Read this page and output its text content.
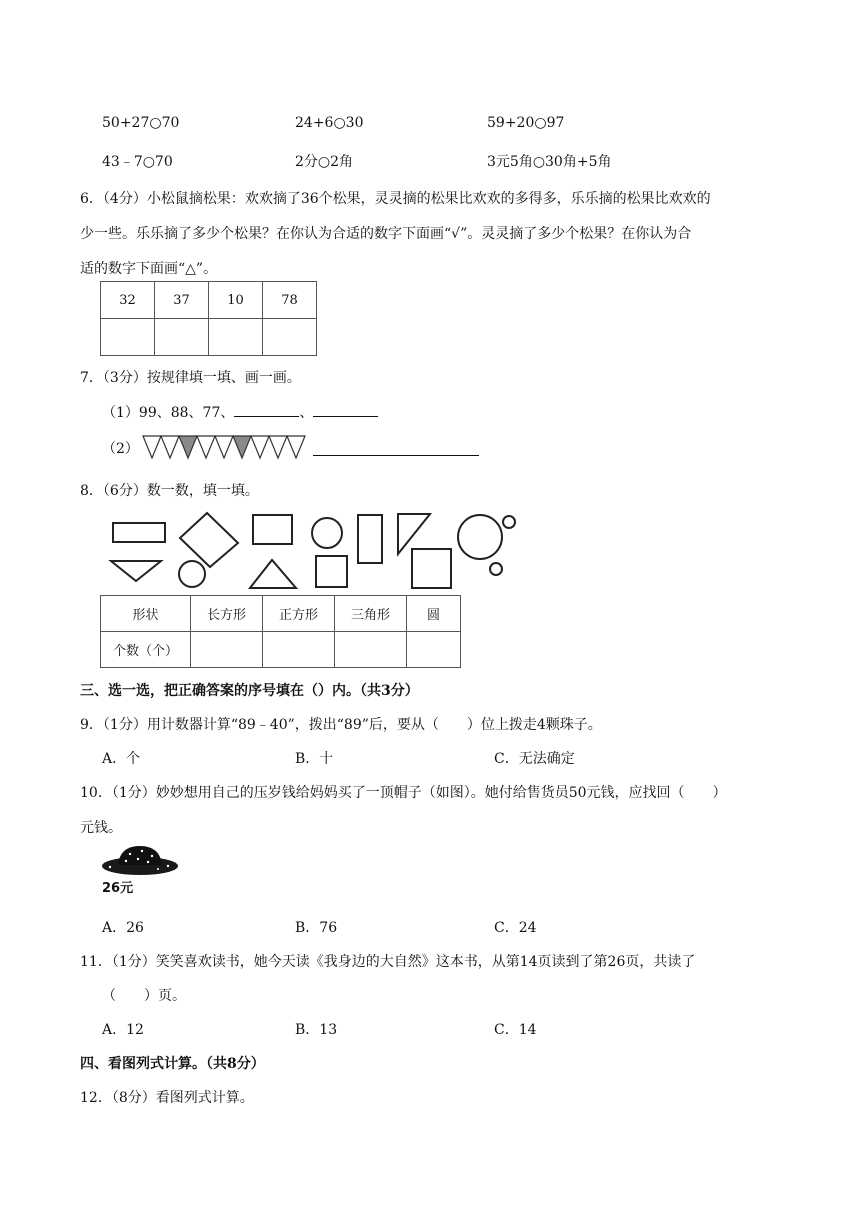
50+27○70	24+6○30	59+20○97
43﹣7○70	2分○2角	3元5角○30角+5角
6．（4分）小松鼠摘松果：欢欢摘了36个松果，灵灵摘的松果比欢欢的多得多，乐乐摘的松果比欢欢的
少一些。乐乐摘了多少个松果？在你认为合适的数字下面画“√”。灵灵摘了多少个松果？在你认为合
适的数字下面画“△”。
32	37	10	78

7．（3分）按规律填一填、画一画。
（1）99、88、77、	、
（2）
8．（6分）数一数，填一填。
形状	长方形	正方形	三角形	圆
个数（个）				
三、选一选，把正确答案的序号填在（）内。（共3分）
9．（1分）用计数器计算“89﹣40”，拨出“89”后，要从（　　）位上拨走4颗珠子。
A．个	B．十	C．无法确定
10．（1分）妙妙想用自己的压岁钱给妈妈买了一顶帽子（如图）。她付给售货员50元钱，应找回（　　）
元钱。
26元
A．26	B．76	C．24
11．（1分）笑笑喜欢读书，她今天读《我身边的大自然》这本书，从第14页读到了第26页，共读了
（　　）页。
A．12	B．13	C．14
四、看图列式计算。（共8分）
12．（8分）看图列式计算。
